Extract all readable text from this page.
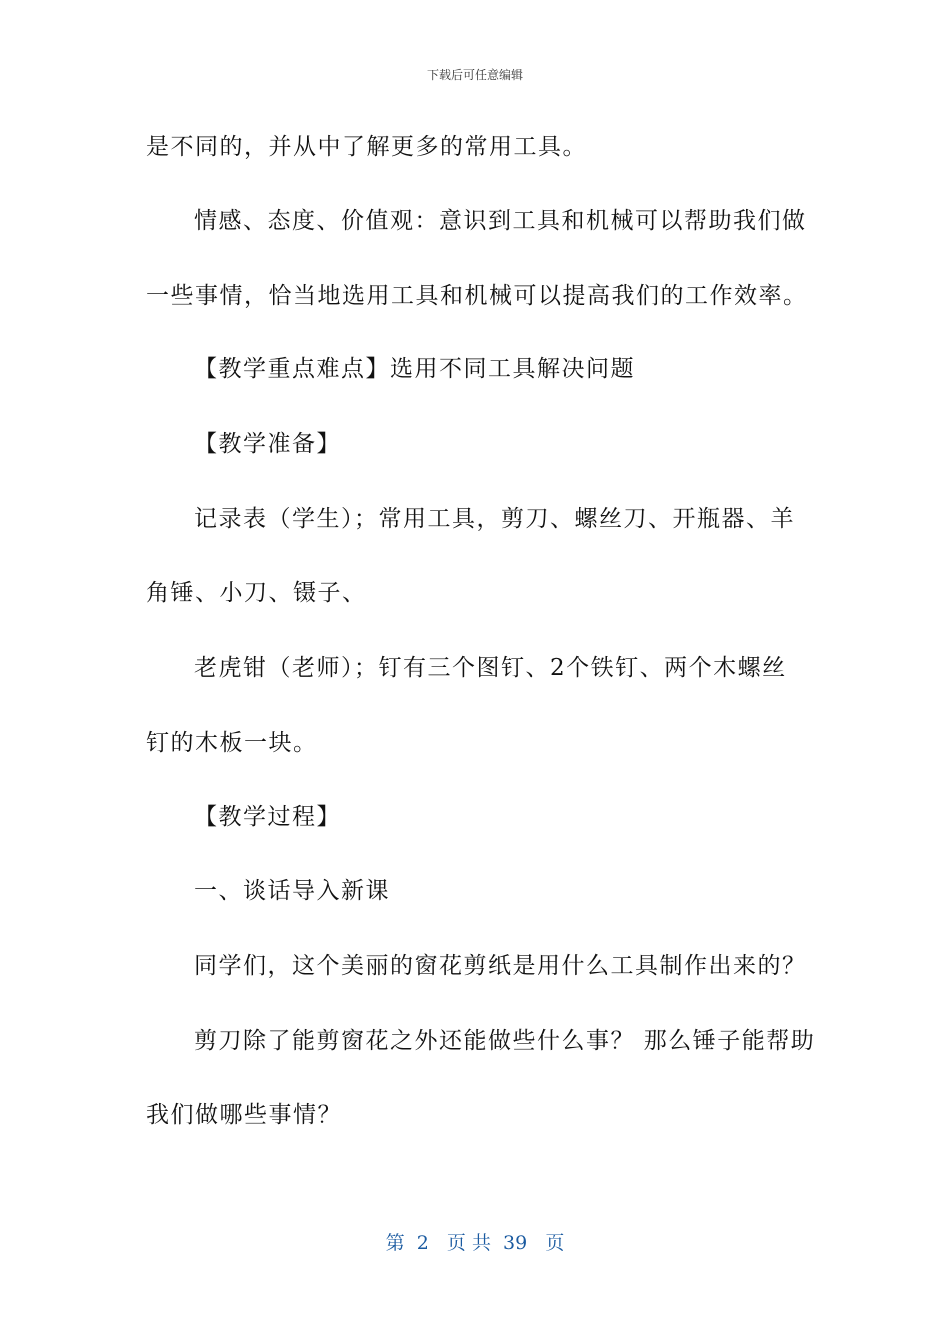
下载后可任意编辑
是不同的，并从中了解更多的常用工具。
情感、态度、价值观：意识到工具和机械可以帮助我们做
一些事情，恰当地选用工具和机械可以提高我们的工作效率。
【教学重点难点】选用不同工具解决问题
【教学准备】
记录表（学生）；常用工具，剪刀、螺丝刀、开瓶器、羊
角锤、小刀、镊子、
老虎钳（老师）；钉有三个图钉、2个铁钉、两个木螺丝
钉的木板一块。
【教学过程】
一、谈话导入新课
同学们，这个美丽的窗花剪纸是用什么工具制作出来的？
剪刀除了能剪窗花之外还能做些什么事？ 那么锤子能帮助
我们做哪些事情？
第  2   页 共  39   页
